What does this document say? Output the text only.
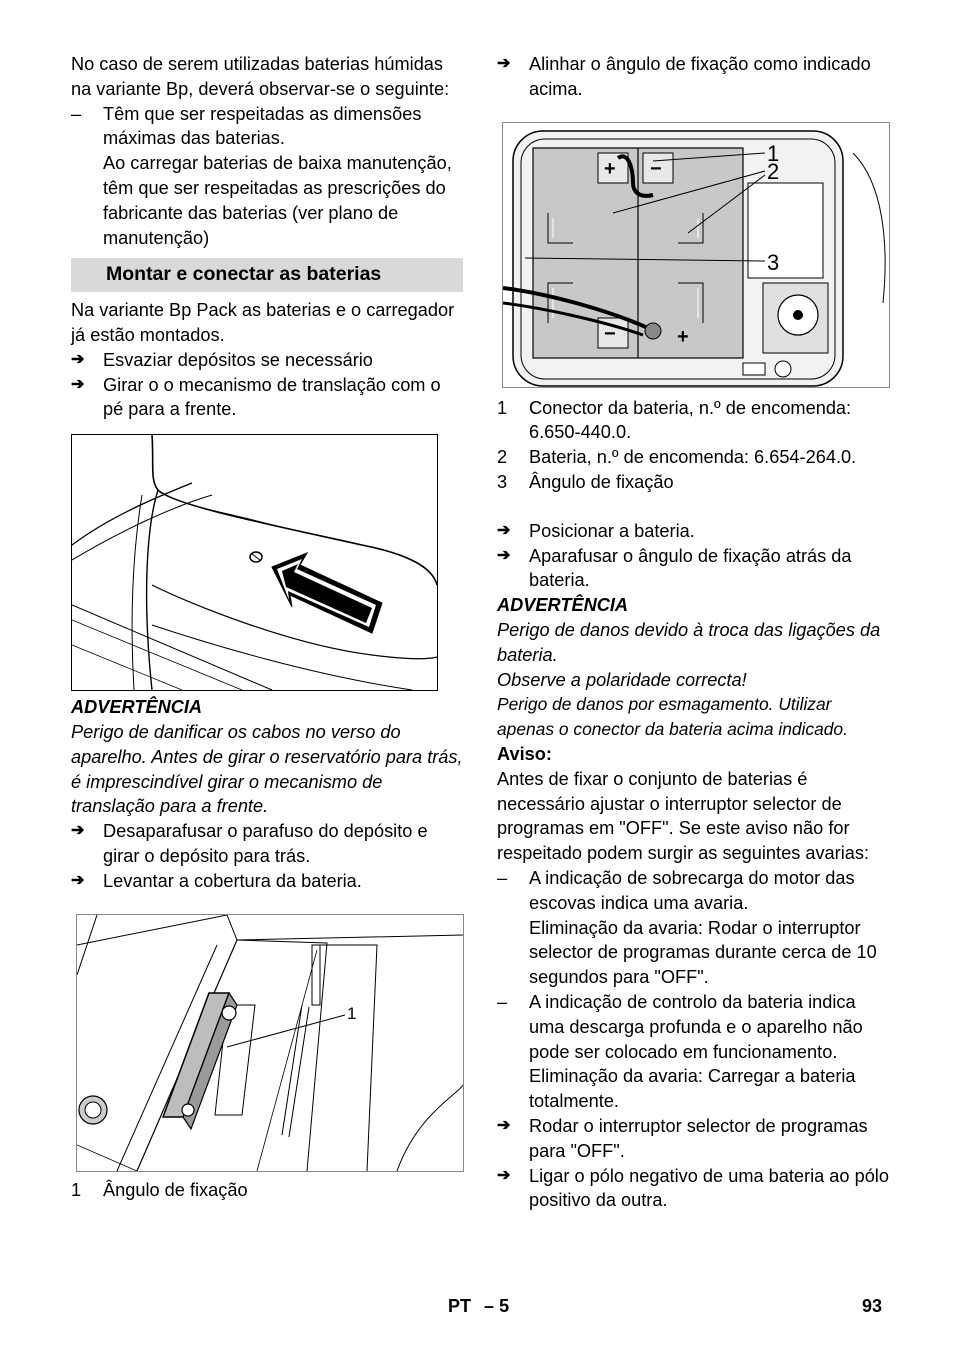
No caso de serem utilizadas baterias húmidas na variante Bp, deverá observar-se o seguinte:

–	Têm que ser respeitadas as dimensões máximas das baterias.

Ao carregar baterias de baixa manutenção, têm que ser respeitadas as prescrições do fabricante das baterias (ver plano de manutenção)

Montar e conectar as baterias

Na variante Bp Pack as baterias e o carregador já estão montados.

➔	Esvaziar depósitos se necessário

➔	Girar o o mecanismo de translação com o pé para a frente.

ADVERTÊNCIA

Perigo de danificar os cabos no verso do aparelho. Antes de girar o reservatório para trás, é imprescindível girar o mecanismo de translação para a frente.

➔	Desaparafusar o parafuso do depósito e girar o depósito para trás.

➔	Levantar a cobertura da bateria.

1
1	Ângulo de fixação

➔	Alinhar o ângulo de fixação como indicado acima.

+ −
−	+
1
2
3
1	Conector da bateria, n.º de encomenda: 6.650-440.0.

2	Bateria, n.º de encomenda: 6.654-264.0.

3	Ângulo de fixação

➔	Posicionar a bateria.

➔	Aparafusar o ângulo de fixação atrás da bateria.

ADVERTÊNCIA

Perigo de danos devido à troca das ligações da bateria.

Observe a polaridade correcta!

Perigo de danos por esmagamento. Utilizar apenas o conector da bateria acima indicado.

Aviso:

Antes de fixar o conjunto de baterias é necessário ajustar o interruptor selector de programas em "OFF". Se este aviso não for respeitado podem surgir as seguintes avarias:

–	A indicação de sobrecarga do motor das escovas indica uma avaria.

Eliminação da avaria: Rodar o interruptor selector de programas durante cerca de 10 segundos para "OFF".

–	A indicação de controlo da bateria indica uma descarga profunda e o aparelho não pode ser colocado em funcionamento.

Eliminação da avaria: Carregar a bateria totalmente.

➔	Rodar o interruptor selector de programas para "OFF".

➔	Ligar o pólo negativo de uma bateria ao pólo positivo da outra.

PT – 5	93
